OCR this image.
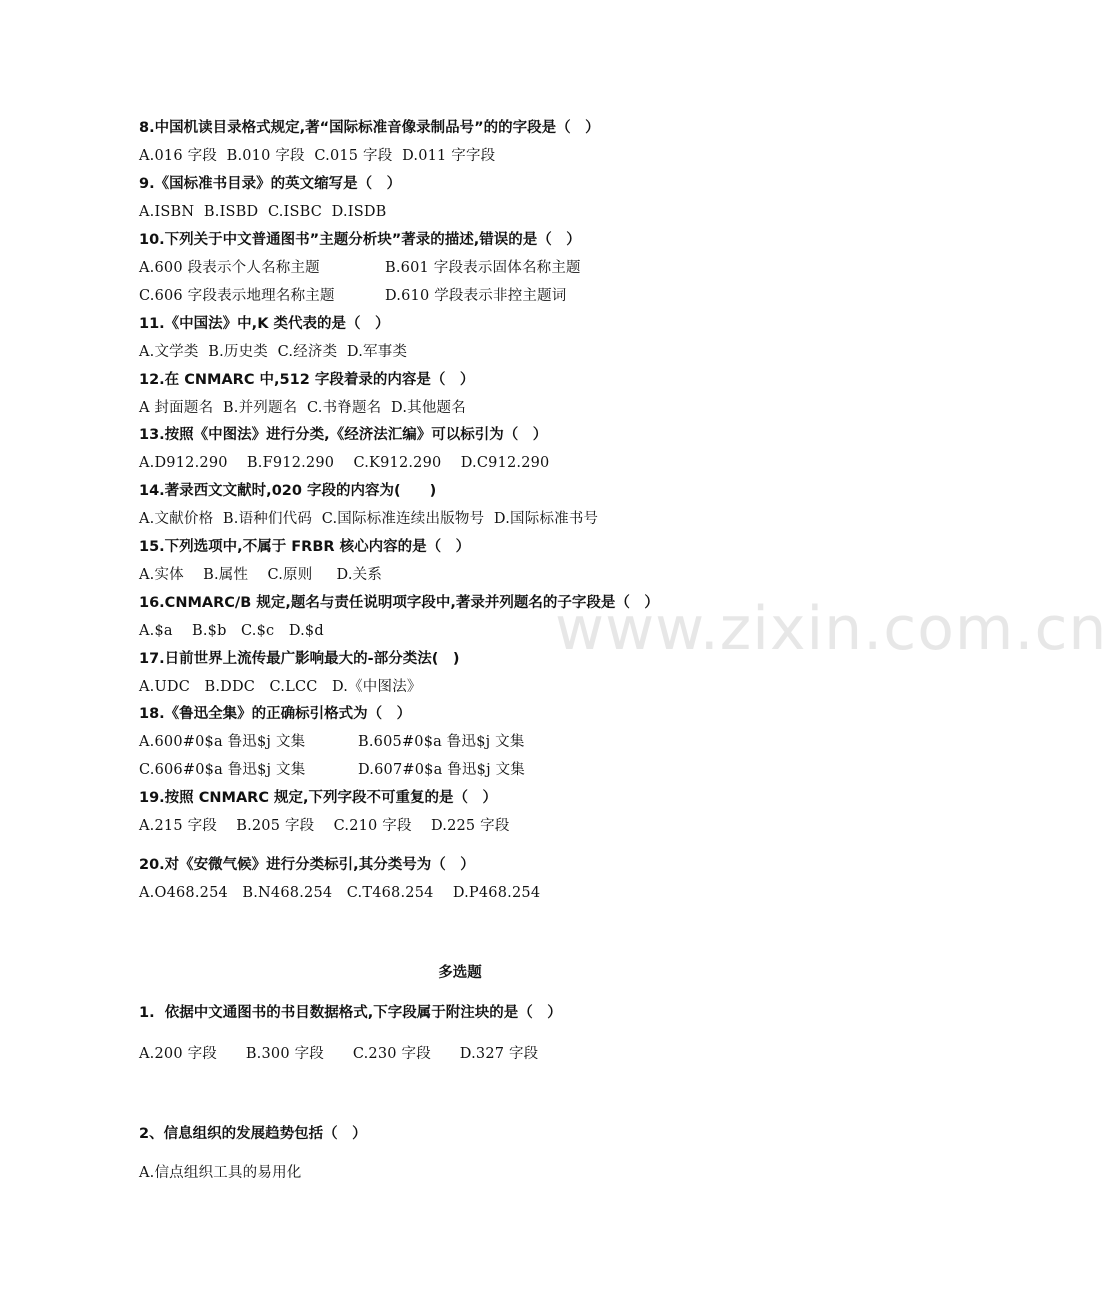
www.zixin.com.cn
8.中国机读目录格式规定,著“国际标准音像录制品号”的的字段是（　）
A.016 字段 B.010 字段 C.015 字段 D.011 字字段
9.《国标准书目录》的英文缩写是（　）
A.ISBN B.ISBD C.ISBC D.ISDB
10.下列关于中文普通图书”主题分析块”著录的描述,错误的是（　）
A.600 段表示个人名称主题	B.601 字段表示固体名称主题
C.606 字段表示地理名称主题	D.610 学段表示非控主题词
11.《中国法》中,K 类代表的是（　）
A.文学类 B.历史类 C.经济类 D.军事类
12.在 CNMARC 中,512 字段着录的内容是（　）
A 封面题名 B.并列题名 C.书脊题名 D.其他题名
13.按照《中图法》进行分类,《经济法汇编》可以标引为（　）
A.D912.290 B.F912.290 C.K912.290 D.C912.290
14.著录西文文献时,020 字段的内容为(　　)
A.文献价格 B.语种们代码 C.国际标准连续出版物号 D.国际标准书号
15.下列选项中,不属于 FRBR 核心内容的是（　）
A.实体 B.属性 C.原则 D.关系
16.CNMARC/B 规定,题名与责任说明项字段中,著录并列题名的子字段是（　）
A.$a B.$b C.$c D.$d
17.日前世界上流传最广影响最大的-部分类法(　)
A.UDC B.DDC C.LCC D.《中图法》
18.《鲁迅全集》的正确标引格式为（　）
A.600#0$a 鲁迅$j 文集	B.605#0$a 鲁迅$j 文集
C.606#0$a 鲁迅$j 文集	D.607#0$a 鲁迅$j 文集
19.按照 CNMARC 规定,下列字段不可重复的是（　）
A.215 字段 B.205 字段 C.210 字段 D.225 字段
20.对《安微气候》进行分类标引,其分类号为（　）
A.O468.254 B.N468.254 C.T468.254 D.P468.254
多选题
1.  依据中文通图书的书目数据格式,下字段属于附注块的是（　）
A.200 字段 B.300 字段 C.230 字段 D.327 字段
2、信息组织的发展趋势包括（　）
A.信点组织工具的易用化
